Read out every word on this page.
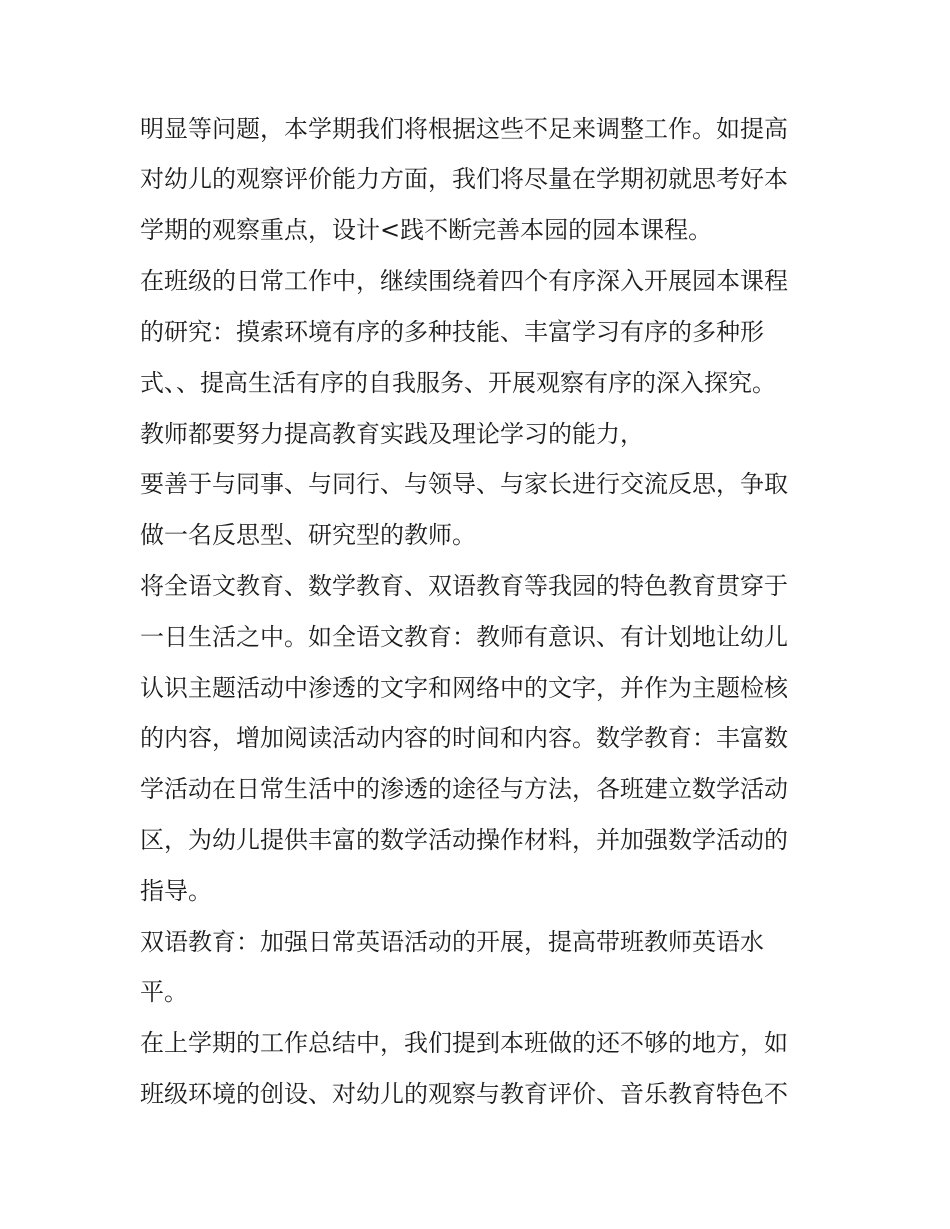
明显等问题，本学期我们将根据这些不足来调整工作。如提高
对幼儿的观察评价能力方面，我们将尽量在学期初就思考好本
学期的观察重点，设计<践不断完善本园的园本课程。
在班级的日常工作中，继续围绕着四个有序深入开展园本课程
的研究：摸索环境有序的多种技能、丰富学习有序的多种形
式、、提高生活有序的自我服务、开展观察有序的深入探究。
教师都要努力提高教育实践及理论学习的能力，
要善于与同事、与同行、与领导、与家长进行交流反思，争取
做一名反思型、研究型的教师。
将全语文教育、数学教育、双语教育等我园的特色教育贯穿于
一日生活之中。如全语文教育：教师有意识、有计划地让幼儿
认识主题活动中渗透的文字和网络中的文字，并作为主题检核
的内容，增加阅读活动内容的时间和内容。数学教育：丰富数
学活动在日常生活中的渗透的途径与方法，各班建立数学活动
区，为幼儿提供丰富的数学活动操作材料，并加强数学活动的
指导。
双语教育：加强日常英语活动的开展，提高带班教师英语水
平。
在上学期的工作总结中，我们提到本班做的还不够的地方，如
班级环境的创设、对幼儿的观察与教育评价、音乐教育特色不
